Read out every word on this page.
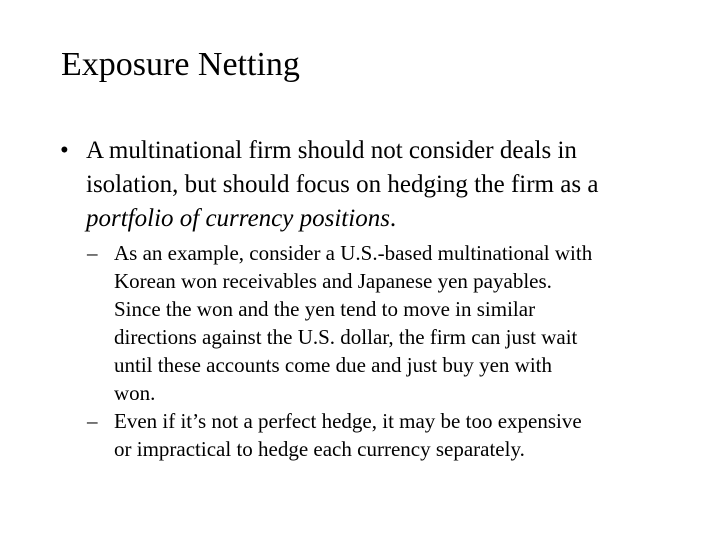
Exposure Netting
• A multinational firm should not consider deals in
isolation, but should focus on hedging the firm as a
portfolio of currency positions.
– As an example, consider a U.S.-based multinational with
Korean won receivables and Japanese yen payables.
Since the won and the yen tend to move in similar
directions against the U.S. dollar, the firm can just wait
until these accounts come due and just buy yen with
won.
– Even if it’s not a perfect hedge, it may be too expensive
or impractical to hedge each currency separately.
